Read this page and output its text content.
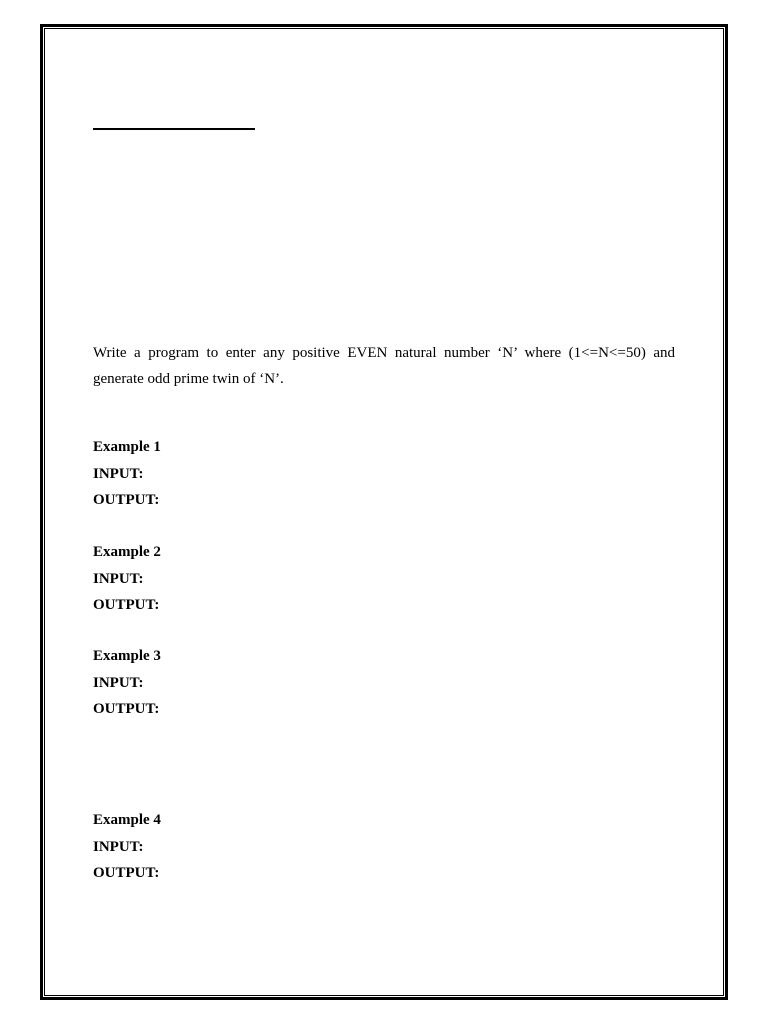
Write a program to enter any positive EVEN natural number ‘N’ where (1<=N<=50) and generate odd prime twin of ‘N’.
Example 1
INPUT:
OUTPUT:
Example 2
INPUT:
OUTPUT:
Example 3
INPUT:
OUTPUT:
Example 4
INPUT:
OUTPUT:
